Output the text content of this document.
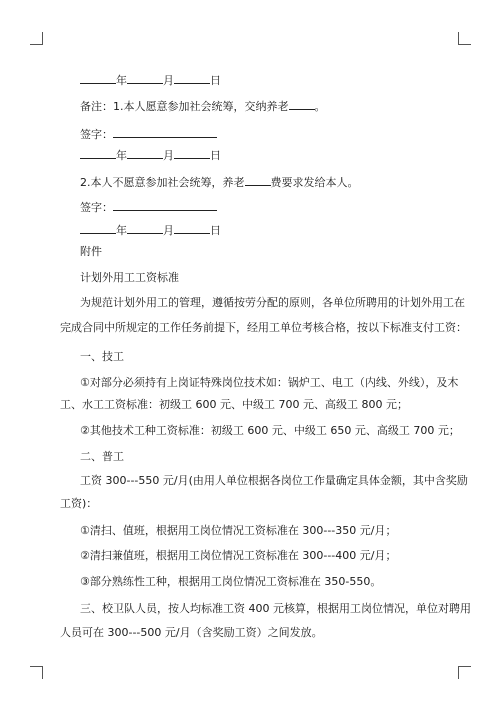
年	月	日
备注：1.本人愿意参加社会统筹，交纳养老 。
签字：
年	月	日
2.本人不愿意参加社会统筹，养老 费要求发给本人。
签字：
年	月	日
附件
计划外用工工资标准
为规范计划外用工的管理，遵循按劳分配的原则，各单位所聘用的计划外用工在
完成合同中所规定的工作任务前提下，经用工单位考核合格，按以下标准支付工资：
一、技工
①对部分必须持有上岗证特殊岗位技术如：锅炉工、电工（内线、外线），及木
工、水工工资标准：初级工 600 元、中级工 700 元、高级工 800 元；
②其他技术工种工资标准：初级工 600 元、中级工 650 元、高级工 700 元；
二、普工
工资 300---550 元/月(由用人单位根据各岗位工作量确定具体金额，其中含奖励
工资)：
①清扫、值班，根据用工岗位情况工资标准在 300---350 元/月；
②清扫兼值班，根据用工岗位情况工资标准在 300---400 元/月；
③部分熟练性工种，根据用工岗位情况工资标准在 350-550。
三、校卫队人员，按人均标准工资 400 元核算，根据用工岗位情况，单位对聘用
人员可在 300---500 元/月（含奖励工资）之间发放。
